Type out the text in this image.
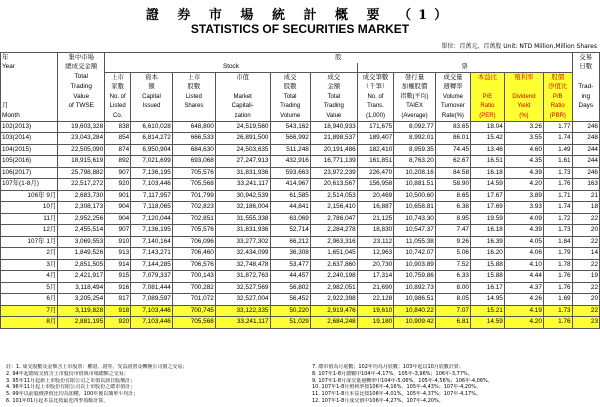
證 券 市 場 統 計 概 要 （1）
STATISTICS OF SECURITIES MARKET
單位：百萬元、百萬股 Unit: NTD Million,Million Shares
年	集中市場	股												交易
Year	總成交金額	Stock						票						日數
	Total	上市	資本	上市	市值	成交	成交	成交筆數	發行量	成交量	本益比	殖利率	股價	
	Trading	家數	額	股數		股數	金額	（千筆）	加權股價	週轉率			淨值比	Trad-
	Value	No. of	Capital	Listed	Market	Total	Total	No. of	指數(平均)	Volume	P/E	Dividend	P/B	ing
月	of TWSE	Listed	Issued	Shares	Capitali-	Trading	Trading	Trans.	TAIEX	Turnover	Ratio	Yield	Ratio	Days
Month		Co.			zation	Volume	Value	(1,000)	(Average)	Rate(%)	(PER)	(%)	(PBR)	
102(2013)	19,603,328	838	6,610,028	648,800	24,519,560	543,162	18,940,933	171,675	8,092.77	83.65	18.04	3.26	1.77	246
103(2014)	23,043,284	854	6,814,272	666,533	26,891,500	566,992	21,898,537	189,407	8,992.01	86.01	15.42	3.55	1.74	248
104(2015)	22,505,090	874	6,950,904	684,630	24,503,635	511,248	20,191,486	182,410	8,959.35	74.45	13.46	4.60	1.49	244
105(2016)	18,915,619	892	7,021,699	693,068	27,247,913	432,916	16,771,139	161,851	8,763.20	62.67	16.51	4.35	1.61	244
106(2017)	25,798,882	907	7,136,195	705,576	31,831,936	593,663	23,972,239	226,470	10,208.16	84.58	16.18	4.39	1.73	246
107年(1-8月)	22,517,272	920	7,103,446	705,568	33,241,117	414,967	20,613,567	156,958	10,881.51	58.90	14.59	4.20	1.76	163
106年 9月	2,683,730	901	7,117,957	701,799	30,942,539	61,585	2,514,053	20,469	10,500.60	8.65	17.67	3.89	1.71	21
10月	2,308,173	904	7,118,065	702,823	32,186,004	44,841	2,156,410	16,887	10,658.81	6.38	17.69	3.93	1.74	18
11月	2,952,256	904	7,120,044	702,851	31,555,338	63,069	2,786,047	21,125	10,743.30	8.95	19.59	4.09	1.72	22
12月	2,455,514	907	7,136,195	705,576	31,831,936	52,714	2,284,278	18,830	10,547.37	7.47	16.18	4.39	1.73	20
107年 1月	3,069,553	910	7,140,164	706,096	33,277,302	66,212	2,963,316	23,112	11,055.38	9.26	16.39	4.05	1.84	22
2月	1,849,526	913	7,143,271	706,460	32,434,099	36,308	1,651,045	12,963	10,742.07	5.06	16.20	4.06	1.79	14
3月	2,851,505	914	7,144,285	706,576	32,748,478	53,477	2,637,860	20,730	10,903.89	7.52	15.88	4.10	1.78	22
4月	2,421,917	915	7,079,337	700,143	31,872,763	44,457	2,240,198	17,314	10,759.86	6.33	15.88	4.44	1.76	19
5月	3,118,494	916	7,081,444	700,282	32,527,569	56,802	2,982,051	21,690	10,892.73	8.00	16.17	4.37	1.76	22
6月	3,205,254	917	7,089,597	701,072	32,527,004	56,452	2,922,398	22,128	10,986.51	8.05	14.95	4.26	1.69	20
7月	3,119,828	918	7,103,446	700,745	33,122,335	50,220	2,919,476	19,610	10,840.22	7.07	15.21	4.19	1.73	22
8月	2,881,195	920	7,103,446	705,568	33,241,117	51,029	2,684,248	19,180	10,909.42	6.81	14.59	4.20	1.76	23
註：1. 成交股數及金額含上市股票：權證、證券、受益證書及轉換公司債之交易；
2. 94年起總成交值含上市股份市值與市場總額之交易；
3. 95年11月起新上市股份有限公司之市值以該日股價計；
4. 96年11月起上市股份有限公司以上市股份之總市值計；
5. 99年以前股價淨值比均為加權，100年後以簡單平均計；
6. 101年01月起本益比按最近四季盈餘計算。
7. 總市值為月底數；102年均為月底數；103年起以10月底數計算；
8. 107年1-8月總數中104年-4,17%，105年-3,96%；106年-3,77%。
9. 107年1-8月成交量週轉率中104年-5,06%，105年-4,56%；106年-4,06%。
10. 107年1-8月殖利率按106年-4,16%，105年-4,43%；107年-4,20%。
11. 107年1-8月本益比按106年-4,01%，105年-4,37%；107年-4,17%。
12. 107年1-8月成交值中106年-4,27%，107年-4,20%。
